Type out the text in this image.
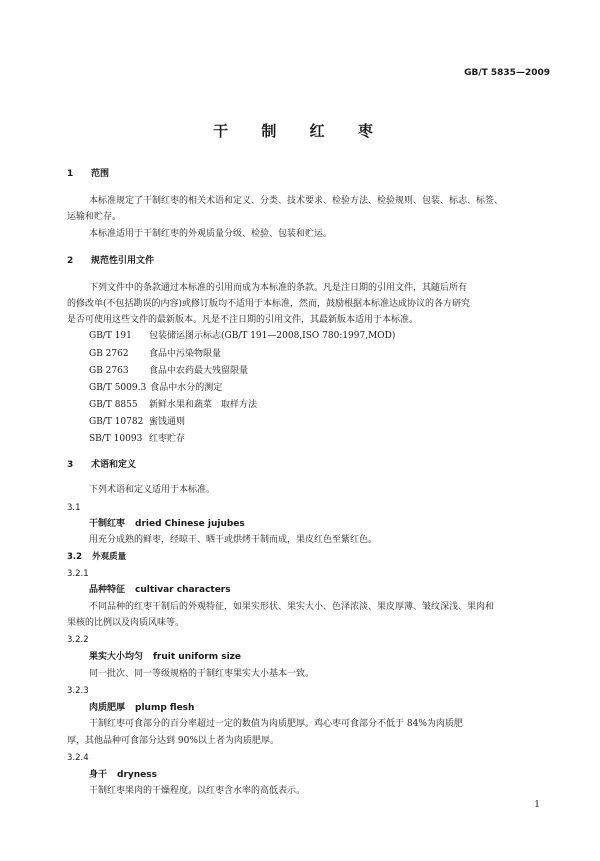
GB/T 5835—2009
干 制 红 枣
1 范围
本标准规定了干制红枣的相关术语和定义、分类、技术要求、检验方法、检验规则、包装、标志、标签、
运输和贮存。
本标准适用于干制红枣的外观质量分级、检验、包装和贮运。
2 规范性引用文件
下列文件中的条款通过本标准的引用而成为本标准的条款。凡是注日期的引用文件，其随后所有
的修改单(不包括勘误的内容)或修订版均不适用于本标准，然而，鼓励根据本标准达成协议的各方研究
是否可使用这些文件的最新版本。凡是不注日期的引用文件，其最新版本适用于本标准。
GB/T 191 包装储运图示标志(GB/T 191—2008,ISO 780:1997,MOD)
GB 2762 食品中污染物限量
GB 2763 食品中农药最大残留限量
GB/T 5009.3 食品中水分的测定
GB/T 8855 新鲜水果和蔬菜　取样方法
GB/T 10782 蜜饯通则
SB/T 10093 红枣贮存
3 术语和定义
下列术语和定义适用于本标准。
3.1
干制红枣 dried Chinese jujubes
用充分成熟的鲜枣，经晾干、晒干或烘烤干制而成，果皮红色至紫红色。
3.2 外观质量
3.2.1
品种特征 cultivar characters
不同品种的红枣干制后的外观特征，如果实形状、果实大小、色泽浓淡、果皮厚薄、皱纹深浅、果肉和
果核的比例以及肉质风味等。
3.2.2
果实大小均匀 fruit uniform size
同一批次、同一等级规格的干制红枣果实大小基本一致。
3.2.3
肉质肥厚 plump flesh
干制红枣可食部分的百分率超过一定的数值为肉质肥厚。鸡心枣可食部分不低于 84%为肉质肥
厚，其他品种可食部分达到 90%以上者为肉质肥厚。
3.2.4
身干 dryness
干制红枣果肉的干燥程度。以红枣含水率的高低表示。
1
